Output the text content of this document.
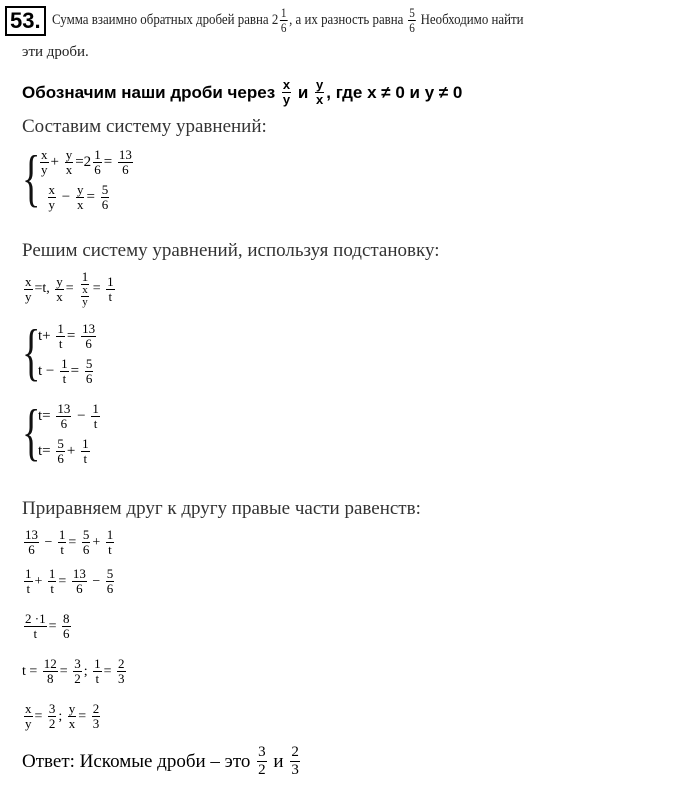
53. Сумма взаимно обратных дробей равна $2 \frac{1}{6}$ , а их разность равна $\frac{5}{6}$ Необходимо найти
эти дроби.
Обозначим наши дроби через $\frac{x}{y}$ и $\frac{y}{x}$ , где x ≠ 0 и y ≠ 0
Составим систему уравнений:
{ $\frac{x}{y} + \frac{y}{x} =2 \frac{1}{6} = \frac{13}{6}$

$\frac{x}{y} - \frac{y}{x} = \frac{5}{6}$
Решим систему уравнений, используя подстановку:
$\frac{x}{y} =t$, $\frac{y}{x} = \frac{1}{\frac{x}{y}} = \frac{1}{t}$
{
$t+ \frac{1}{t} = \frac{13}{6}$
$t - \frac{1}{t} = \frac{5}{6}$
{
$t= \frac{13}{6} - \frac{1}{t}$
$t= \frac{5}{6} + \frac{1}{t}$
Приравняем друг к другу правые части равенств:
$\frac{13}{6} - \frac{1}{t} = \frac{5}{6} + \frac{1}{t}$
$\frac{1}{t} + \frac{1}{t} = \frac{13}{6} - \frac{5}{6}$
$\frac{2 \cdot 1}{t} = \frac{8}{6}$
$t = \frac{12}{8} = \frac{3}{2}$ ; $\frac{1}{t} = \frac{2}{3}$
$\frac{x}{y} = \frac{3}{2}$ ; $\frac{y}{x} = \frac{2}{3}$
Ответ: Искомые дроби – это $\frac{3}{2}$ и $\frac{2}{3}$
